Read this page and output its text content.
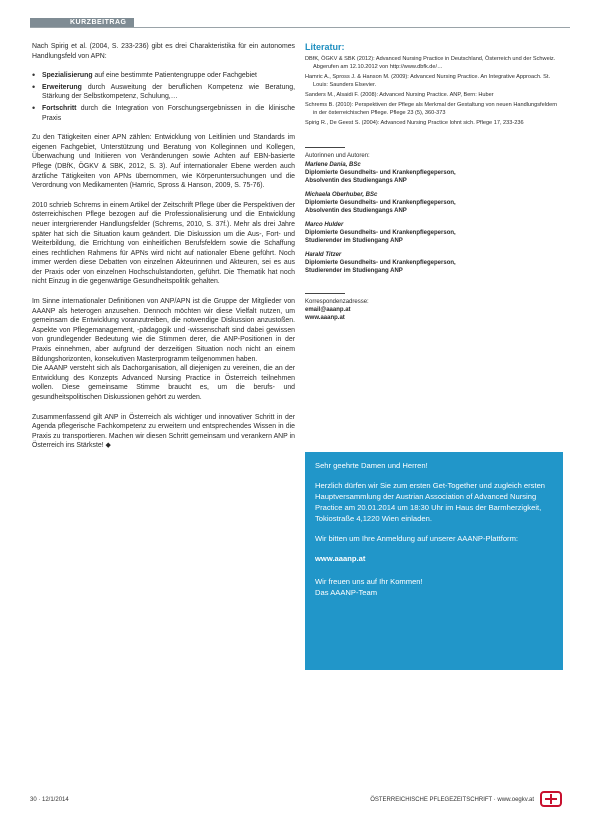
KURZBEITRAG

Nach Spirig et al. (2004, S. 233-236) gibt es drei Charakteristika für ein autonomes Handlungsfeld von APN:

• Spezialisierung auf eine bestimmte Patientengruppe oder Fachgebiet
• Erweiterung durch Ausweitung der beruflichen Kompetenz wie Beratung, Stärkung der Selbstkompetenz, Schulung,…
• Fortschritt durch die Integration von Forschungsergebnissen in die klinische Praxis

Zu den Tätigkeiten einer APN zählen: Entwicklung von Leitlinien und Standards im eigenen Fachgebiet, Unterstützung und Beratung von Kolleginnen und Kollegen, Überwachung und Initiieren von Veränderungen sowie Achten auf EBN-basierte Pflege (DBfK, ÖGKV & SBK, 2012, S. 3). Auf internationaler Ebene werden auch ärztliche Tätigkeiten von APNs übernommen, wie Körperuntersuchungen und die Verordnung von Medikamenten (Hamric, Spross & Hanson, 2009, S. 75-76).

2010 schrieb Schrems in einem Artikel der Zeitschrift Pflege über die Perspektiven der österreichischen Pflege bezogen auf die Professionalisierung und die Entwicklung neuer intergrierender Handlungsfelder (Schrems, 2010, S. 37f.). Mehr als drei Jahre später hat sich die Situation kaum geändert. Die Diskussion um die Aus-, Fort- und Weiterbildung, die Errichtung von einheitlichen Berufsfeldern sowie die Schaffung eines rechtlichen Rahmens für APNs wird nicht auf nationaler Ebene geführt. Noch immer werden diese Debatten von einzelnen Akteurinnen und Akteuren, sei es aus der Praxis oder von einzelnen Hochschulstandorten, geführt. Die Thematik hat noch nicht Einzug in die gegenwärtige Gesundheitspolitik gehalten.

Im Sinne internationaler Definitionen von ANP/APN ist die Gruppe der Mitglieder von AAANP als heterogen anzusehen. Dennoch möchten wir diese Vielfalt nutzen, um gemeinsam die Entwicklung voranzutreiben, die notwendige Diskussion anzustoßen. Aspekte von Pflegemanagement, -pädagogik und -wissenschaft sind dabei gewissen von grundlegender Bedeutung wie die Stimmen derer, die ANP-Positionen in der Praxis einnehmen, aber aufgrund der derzeitigen Situation noch nicht an einem Bildungshorizonten, konsekutiven Masterprogramm teilgenommen haben.

Die AAANP versteht sich als Dachorganisation, all diejenigen zu vereinen, die an der Entwicklung des Konzepts Advanced Nursing Practice in Österreich teilnehmen wollen. Diese gemeinsame Stimme braucht es, um die berufs- und gesundheitspolitischen Diskussionen gehört zu werden.

Zusammenfassend gilt ANP in Österreich als wichtiger und innovativer Schritt in der Agenda pflegerische Fachkompetenz zu erweitern und entsprechendes Wissen in die Praxis zu transportieren. Machen wir diesen Schritt gemeinsam und verankern ANP in Österreich ins Stärkste! ◆

Literatur:
DBfK, ÖGKV & SBK (2012): Advanced Nursing Practice in Deutschland, Österreich und der Schweiz. Abgerufen am 12.10.2012 von http://www.dbfk.de/…
Hamric A., Spross J. & Hanson M. (2009): Advanced Nursing Practice. An Integrative Approach. St. Louis: Saunders Elsevier.
Sanders M., Alsaidi F. (2008): Advanced Nursing Practice. ANP, Bern: Huber
Schrems B. (2010): Perspektiven der Pflege als Merkmal der Gestaltung von neuen Handlungsfeldern in der österreichischen Pflege. Pflege 23 (5), 360-373
Spirig R., De Geest S. (2004): Advanced Nursing Practice lohnt sich. Pflege 17, 233-236
Autorinnen und Autoren:
Marlene Dania, BSc
Diplomierte Gesundheits- und Krankenpflegeperson,
Absolventin des Studiengangs ANP
Michaela Oberhuber, BSc
Diplomierte Gesundheits- und Krankenpflegeperson,
Absolventin des Studiengangs ANP
Marco Hulder
Diplomierte Gesundheits- und Krankenpflegeperson,
Studierender im Studiengang ANP
Harald Titzer
Diplomierte Gesundheits- und Krankenpflegeperson,
Studierender im Studiengang ANP
Korrespondenzadresse:
email@aaanp.at
www.aaanp.at
Sehr geehrte Damen und Herren!
Herzlich dürfen wir Sie zum ersten Get-Together und zugleich ersten Hauptversammlung der Austrian Association of Advanced Nursing Practice am 20.01.2014 um 18:30 Uhr im Haus der Barmherzigkeit, Tokiostraße 4,1220 Wien einladen.
Wir bitten um Ihre Anmeldung auf unserer AAANP-Plattform:
www.aaanp.at
Wir freuen uns auf Ihr Kommen!
Das AAANP-Team
30 · 12/1/2014	ÖSTERREICHISCHE PFLEGEZEITSCHRIFT · www.oegkv.at
